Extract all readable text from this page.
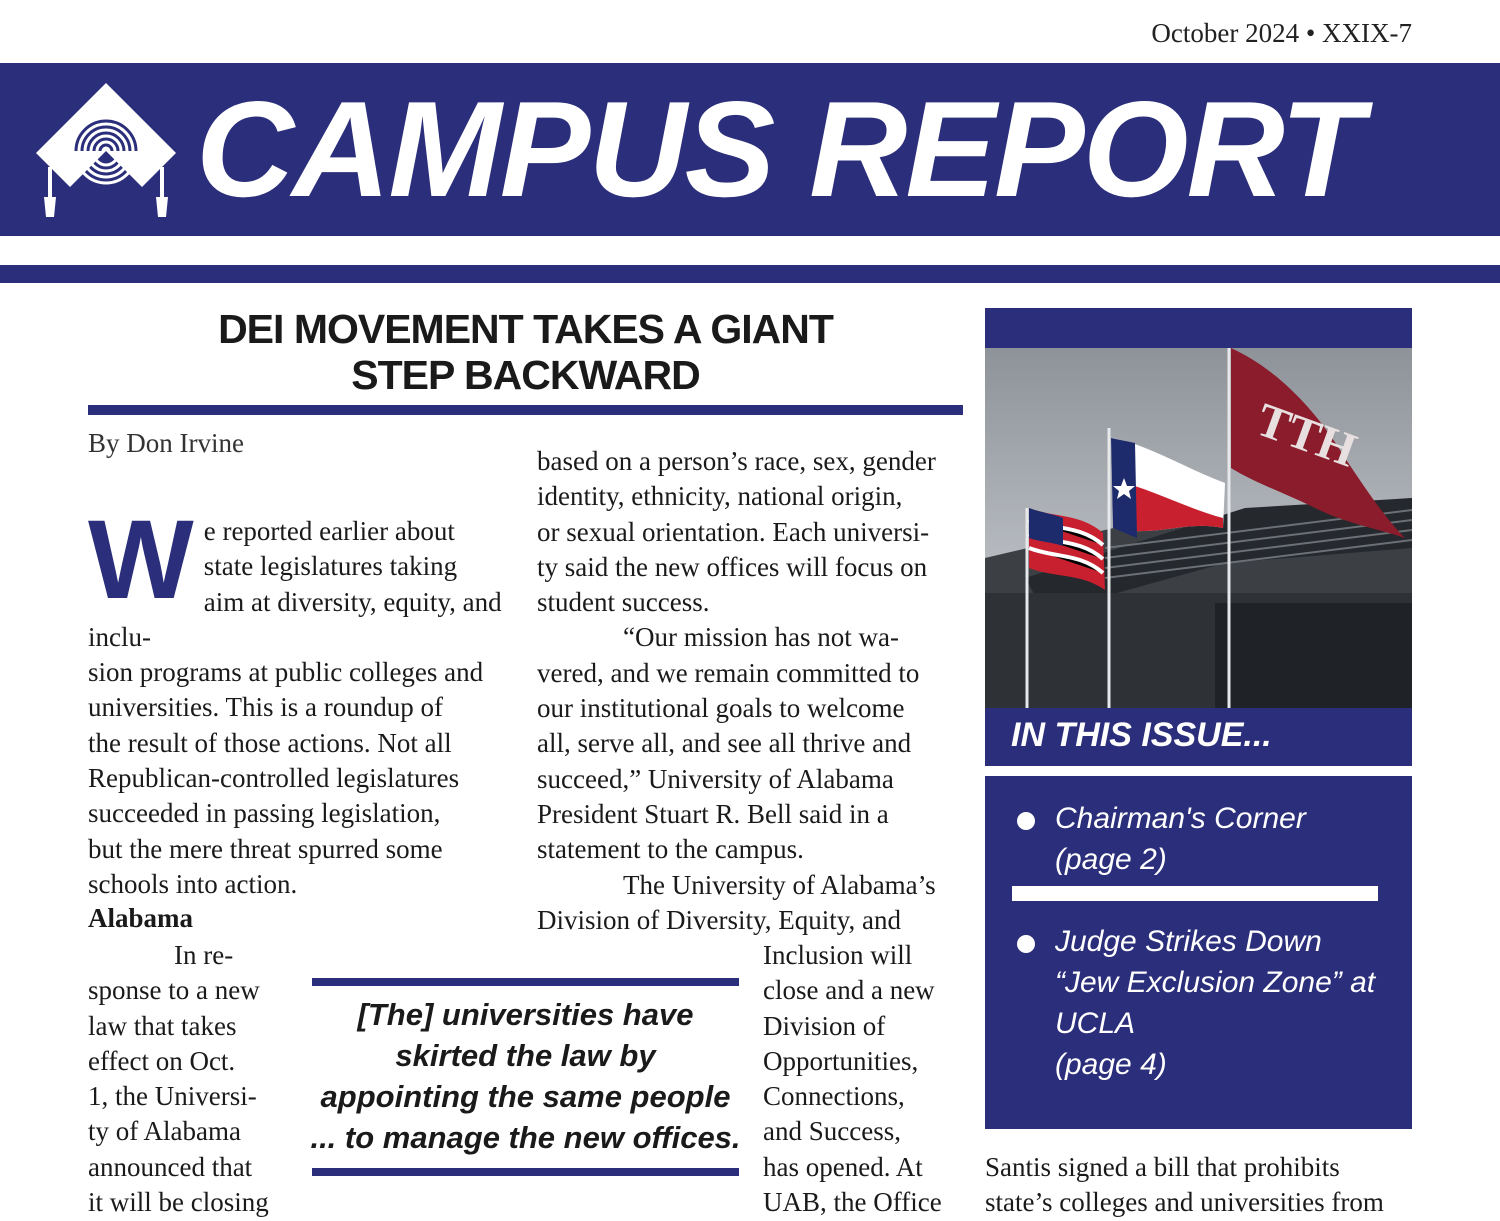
October 2024 • XXIX-7
CAMPUS REPORT
DEI MOVEMENT TAKES A GIANT
STEP BACKWARD
By Don Irvine
W e reported earlier about
state legislatures taking
aim at diversity, equity, and inclu-
sion programs at public colleges and
universities. This is a roundup of
the result of those actions. Not all
Republican-controlled legislatures
succeeded in passing legislation,
but the mere threat spurred some
schools into action.
Alabama
In re-
sponse to a new
law that takes
effect on Oct.
1, the Universi-
ty of Alabama
announced that
it will be closing
based on a person’s race, sex, gender
identity, ethnicity, national origin,
or sexual orientation. Each universi-
ty said the new offices will focus on
student success.
“Our mission has not wa-
vered, and we remain committed to
our institutional goals to welcome
all, serve all, and see all thrive and
succeed,” University of Alabama
President Stuart R. Bell said in a
statement to the campus.
The University of Alabama’s
Division of Diversity, Equity, and
Inclusion will
close and a new
Division of
Opportunities,
Connections,
and Success,
has opened. At
UAB, the Office
[The] universities have
skirted the law by
appointing the same people
... to manage the new offices.
TTH
IN THIS ISSUE...
Chairman's Corner
(page 2)
Judge Strikes Down
“Jew Exclusion Zone” at
UCLA
(page 4)
Santis signed a bill that prohibits
state’s colleges and universities from
